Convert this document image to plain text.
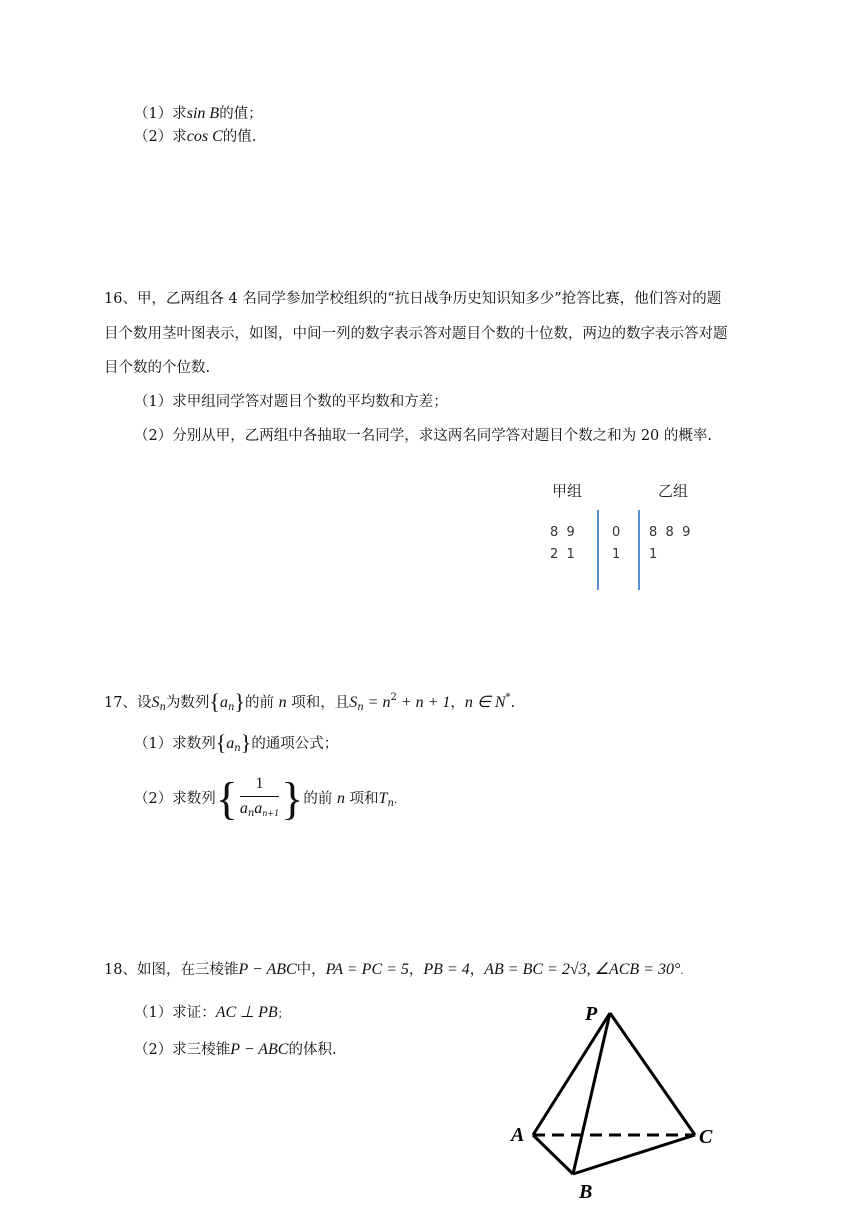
（1）求sin B的值；
（2）求cos C的值.
16、甲，乙两组各 4 名同学参加学校组织的“抗日战争历史知识知多少”抢答比赛，他们答对的题
目个数用茎叶图表示，如图，中间一列的数字表示答对题目个数的十位数，两边的数字表示答对题
目个数的个位数.
（1）求甲组同学答对题目个数的平均数和方差；
（2）分别从甲，乙两组中各抽取一名同学，求这两名同学答对题目个数之和为 20 的概率.
甲组	乙组
8  9	0 8  8  9
2  1	1 1
17、设$S_n$为数列$\{a_n\}$的前 n 项和，且$S_n = n^2 + n + 1$，n ∈ N*.
（1）求数列$\{a_n\}$的通项公式；
（2）求数列{ $\frac{1}{a_na_{n+1}}$ }的前 n 项和$T_n$.
18、如图，在三棱锥P − ABC中，PA = PC = 5，PB = 4，AB = BC = 2√3, ∠ACB = 30°.
（1）求证：AC ⊥ PB；
（2）求三棱锥P − ABC的体积.
P
A
B
C
